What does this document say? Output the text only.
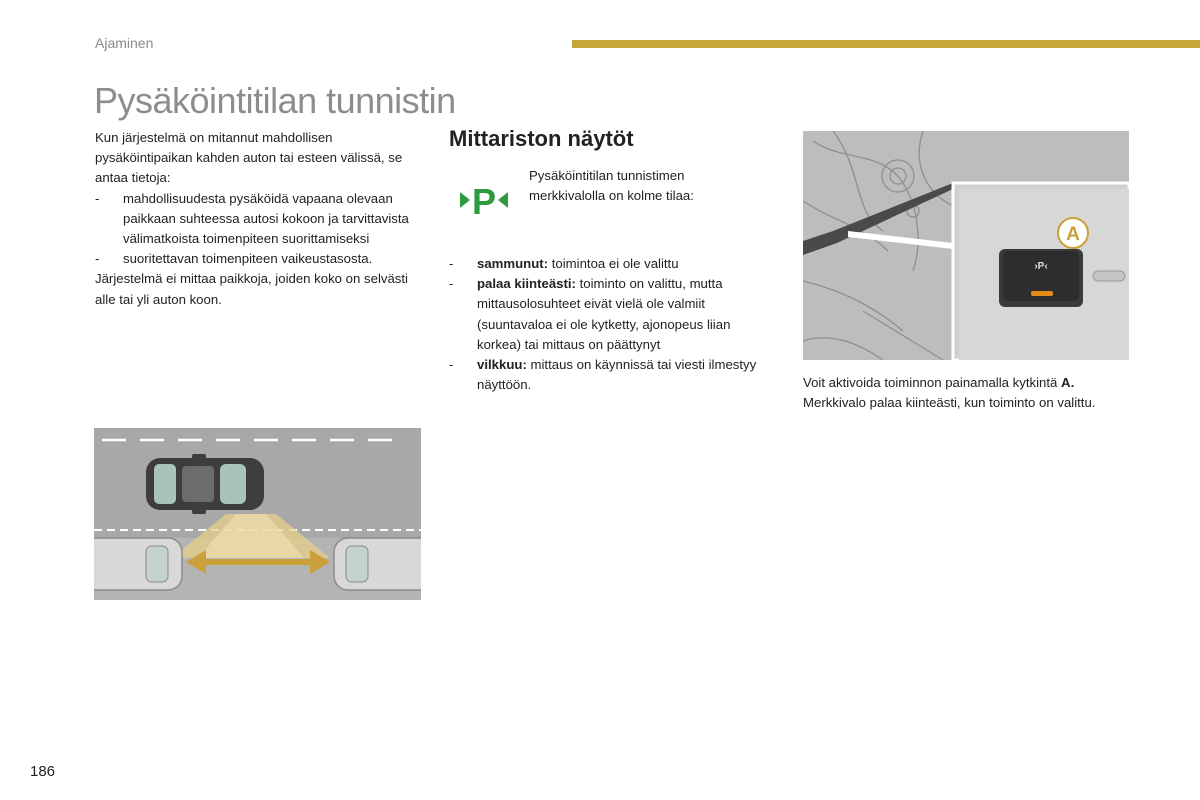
Ajaminen
Pysäköintitilan tunnistin

Kun järjestelmä on mitannut mahdollisen pysäköintipaikan kahden auton tai esteen välissä, se antaa tietoja:

-	mahdollisuudesta pysäköidä vapaana olevaan paikkaan suhteessa autosi kokoon ja tarvittavista välimatkoista toimenpiteen suorittamiseksi
-	suoritettavan toimenpiteen vaikeustasosta.

Järjestelmä ei mittaa paikkoja, joiden koko on selvästi alle tai yli auton koon.

Mittariston näytöt
P

Pysäköintitilan tunnistimen merkkivalolla on kolme tilaa:

-	sammunut: toimintoa ei ole valittu
-	palaa kiinteästi: toiminto on valittu, mutta mittausolosuhteet eivät vielä ole valmiit (suuntavaloa ei ole kytketty, ajonopeus liian korkea) tai mittaus on päättynyt
-	vilkkuu: mittaus on käynnissä tai viesti ilmestyy näyttöön.
›P‹
A

Voit aktivoida toiminnon painamalla kytkintä A.

Merkkivalo palaa kiinteästi, kun toiminto on valittu.

186
